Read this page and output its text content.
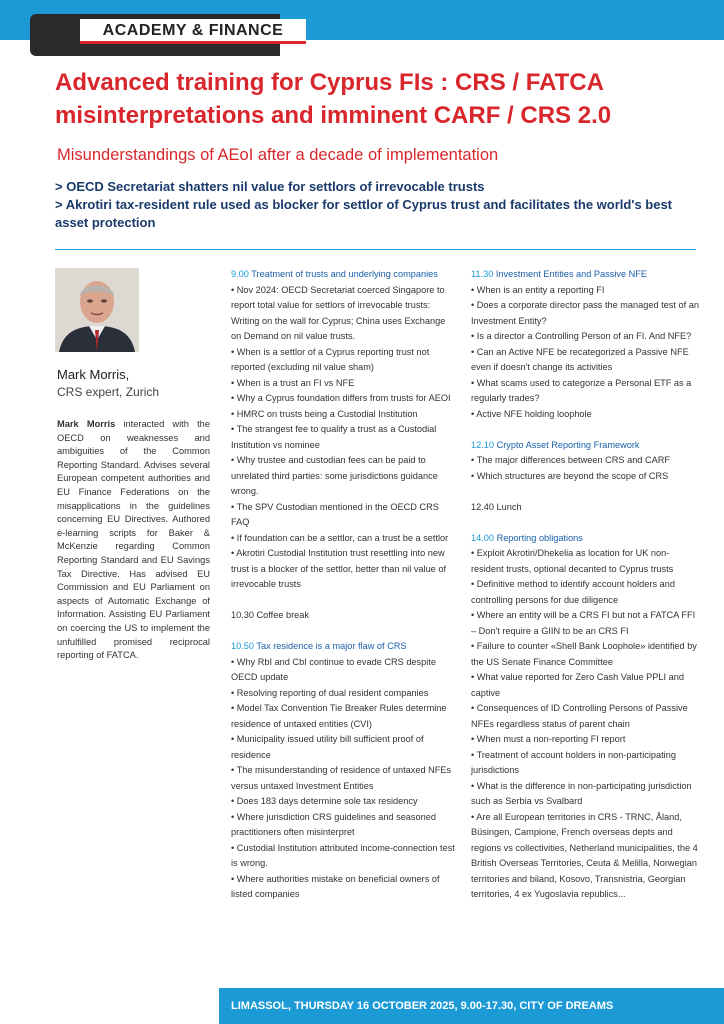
ACADEMY & FINANCE
Advanced training for Cyprus FIs : CRS / FATCA misinterpretations and imminent CARF / CRS 2.0
Misunderstandings of AEoI after a decade of implementation
> OECD Secretariat shatters nil value for settlors of irrevocable trusts
> Akrotiri tax-resident rule used as blocker for settlor of Cyprus trust and facilitates the world's best asset protection
Mark Morris,
CRS expert, Zurich
Mark Morris interacted with the OECD on weaknesses and ambiguities of the Common Reporting Standard. Advises several European competent authorities and EU Finance Federations on the misapplications in the guidelines concerning EU Directives. Authored e-learning scripts for Baker & McKenzie regarding Common Reporting Standard and EU Savings Tax Directive. Has advised EU Commission and EU Parliament on aspects of Automatic Exchange of Information. Assisting EU Parliament on coercing the US to implement the unfulfilled promised reciprocal reporting of FATCA.
9.00 Treatment of trusts and underlying companies
• Nov 2024: OECD Secretariat coerced Singapore to report total value for settlors of irrevocable trusts: Writing on the wall for Cyprus; China uses Exchange on Demand on nil value trusts.
• When is a settlor of a Cyprus reporting trust not reported (excluding nil value sham)
• When is a trust an FI vs NFE
• Why a Cyprus foundation differs from trusts for AEOI
• HMRC on trusts being a Custodial Institution
• The strangest fee to qualify a trust as a Custodial Institution vs nominee
• Why trustee and custodian fees can be paid to unrelated third parties: some jurisdictions guidance wrong.
• The SPV Custodian mentioned in the OECD CRS FAQ
• If foundation can be a settlor, can a trust be a settlor
• Akrotiri Custodial Institution trust resettling into new trust is a blocker of the settlor, better than nil value of irrevocable trusts
10.30 Coffee break
10.50 Tax residence is a major flaw of CRS
• Why RbI and CbI continue to evade CRS despite OECD update
• Resolving reporting of dual resident companies
• Model Tax Convention Tie Breaker Rules determine residence of untaxed entities (CVI)
• Municipality issued utility bill sufficient proof of residence
• The misunderstanding of residence of untaxed NFEs versus untaxed Investment Entities
• Does 183 days determine sole tax residency
• Where jurisdiction CRS guidelines and seasoned practitioners often misinterpret
• Custodial Institution attributed income-connection test is wrong.
• Where authorities mistake on beneficial owners of listed companies
11.30 Investment Entities and Passive NFE
• When is an entity a reporting FI
• Does a corporate director pass the managed test of an Investment Entity?
• Is a director a Controlling Person of an FI. And NFE?
• Can an Active NFE be recategorized a Passive NFE even if doesn't change its activities
• What scams used to categorize a Personal ETF as a regularly trades?
• Active NFE holding loophole
12.10 Crypto Asset Reporting Framework
• The major differences between CRS and CARF
• Which structures are beyond the scope of CRS
12.40 Lunch
14.00 Reporting obligations
• Exploit Akrotiri/Dhekelia as location for UK non-resident trusts, optional decanted to Cyprus trusts
• Definitive method to identify account holders and controlling persons for due diligence
• Where an entity will be a CRS FI but not a FATCA FFI – Don't require a GIIN to be an CRS FI
• Failure to counter «Shell Bank Loophole» identified by the US Senate Finance Committee
• What value reported for Zero Cash Value PPLI and captive
• Consequences of ID Controlling Persons of Passive NFEs regardless status of parent chain
• When must a non-reporting FI report
• Treatment of account holders in non-participating jurisdictions
• What is the difference in non-participating jurisdiction such as Serbia vs Svalbard
• Are all European territories in CRS - TRNC, Åland, Büsingen, Campione, French overseas depts and regions vs collectivities, Netherland municipalities, the 4 British Overseas Territories, Ceuta & Melilla, Norwegian territories and biland, Kosovo, Transnistria, Georgian territories, 4 ex Yugoslavia republics...
LIMASSOL, THURSDAY 16 OCTOBER 2025, 9.00-17.30, CITY OF DREAMS
